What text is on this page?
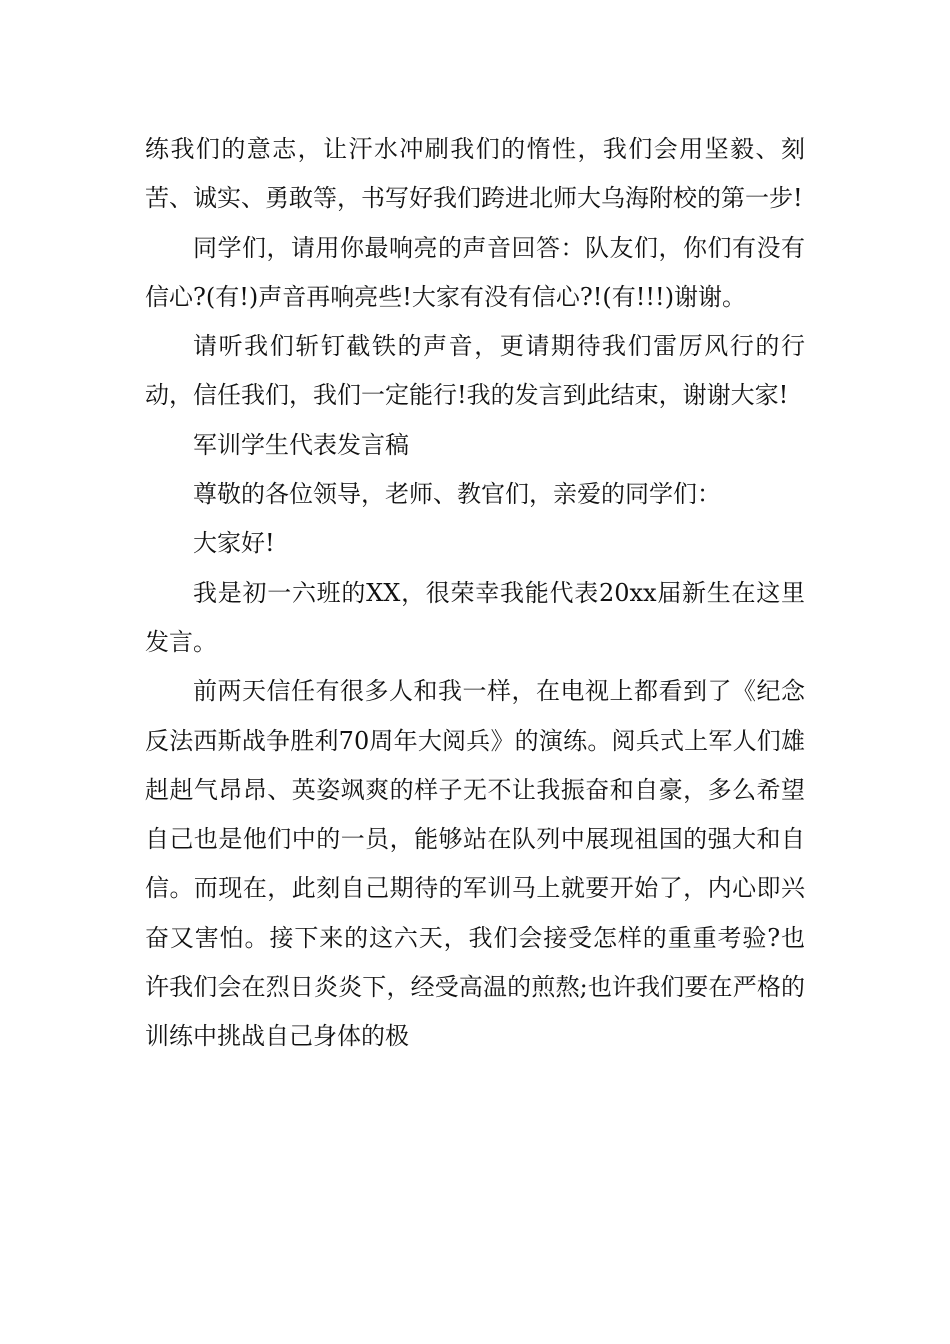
练我们的意志，让汗水冲刷我们的惰性，我们会用坚毅、刻苦、诚实、勇敢等，书写好我们跨进北师大乌海附校的第一步!

同学们，请用你最响亮的声音回答：队友们，你们有没有信心?(有!)声音再响亮些!大家有没有信心?!(有!!!)谢谢。

请听我们斩钉截铁的声音，更请期待我们雷厉风行的行动，信任我们，我们一定能行!我的发言到此结束，谢谢大家!

军训学生代表发言稿

尊敬的各位领导，老师、教官们，亲爱的同学们：

大家好!

我是初一六班的XX，很荣幸我能代表20xx届新生在这里发言。

前两天信任有很多人和我一样，在电视上都看到了《纪念反法西斯战争胜利70周年大阅兵》的演练。阅兵式上军人们雄赳赳气昂昂、英姿飒爽的样子无不让我振奋和自豪，多么希望自己也是他们中的一员，能够站在队列中展现祖国的强大和自信。而现在，此刻自己期待的军训马上就要开始了，内心即兴奋又害怕。接下来的这六天，我们会接受怎样的重重考验?也许我们会在烈日炎炎下，经受高温的煎熬;也许我们要在严格的训练中挑战自己身体的极
